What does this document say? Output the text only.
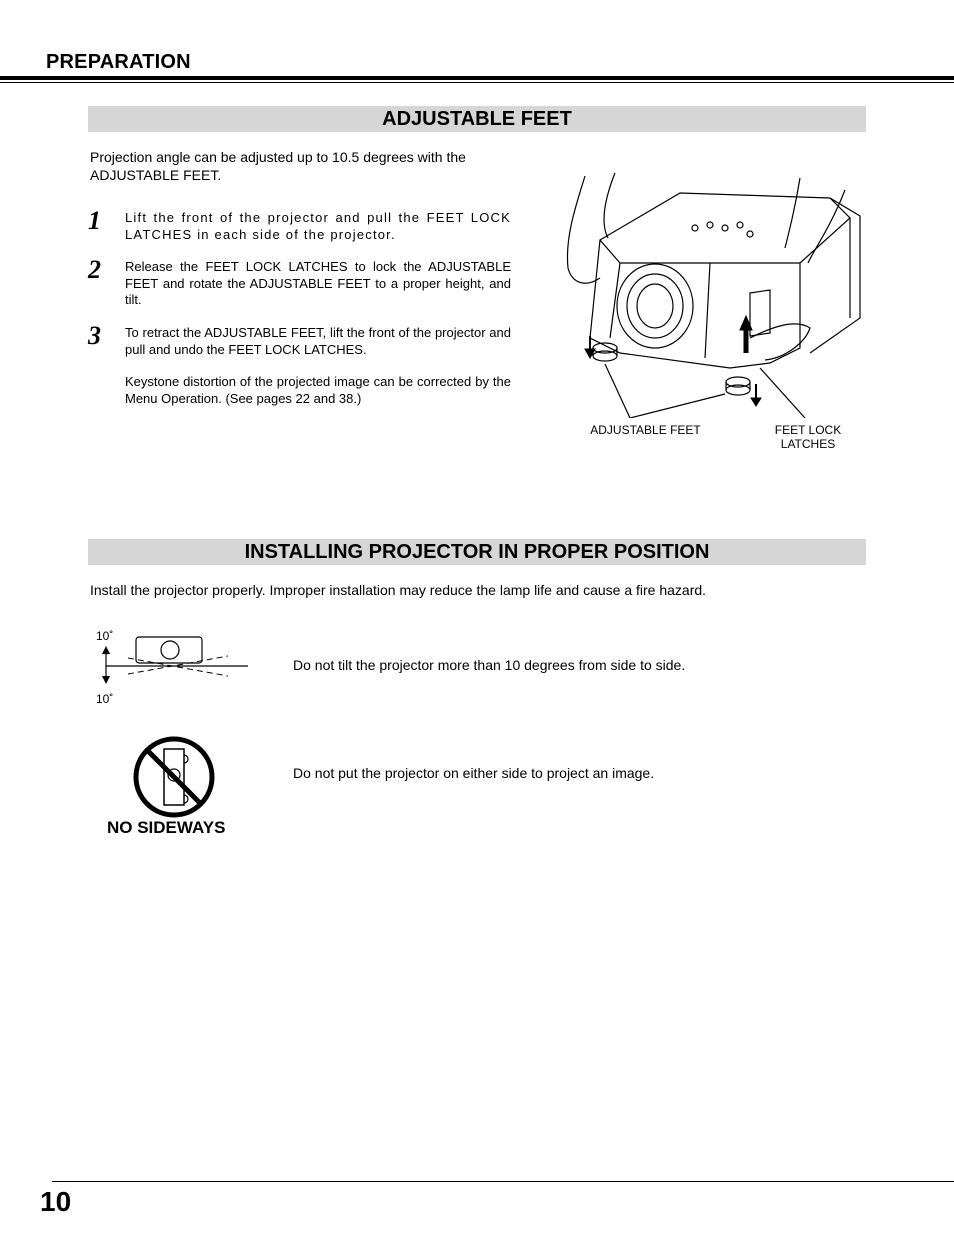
PREPARATION
ADJUSTABLE FEET
Projection angle can be adjusted up to 10.5 degrees with the ADJUSTABLE FEET.
1 Lift the front of the projector and pull the FEET LOCK LATCHES in each side of the projector.
2 Release the FEET LOCK LATCHES to lock the ADJUSTABLE FEET and rotate the ADJUSTABLE FEET to a proper height, and tilt.
3 To retract the ADJUSTABLE FEET, lift the front of the projector and pull and undo the FEET LOCK LATCHES.
Keystone distortion of the projected image can be corrected by the Menu Operation. (See pages 22 and 38.)
ADJUSTABLE FEET	FEET LOCK
LATCHES
INSTALLING PROJECTOR IN PROPER POSITION
Install the projector properly. Improper installation may reduce the lamp life and cause a fire hazard.
10˚
10˚
Do not tilt the projector more than 10 degrees from side to side.
NO SIDEWAYS
Do not put the projector on either side to project an image.
10
